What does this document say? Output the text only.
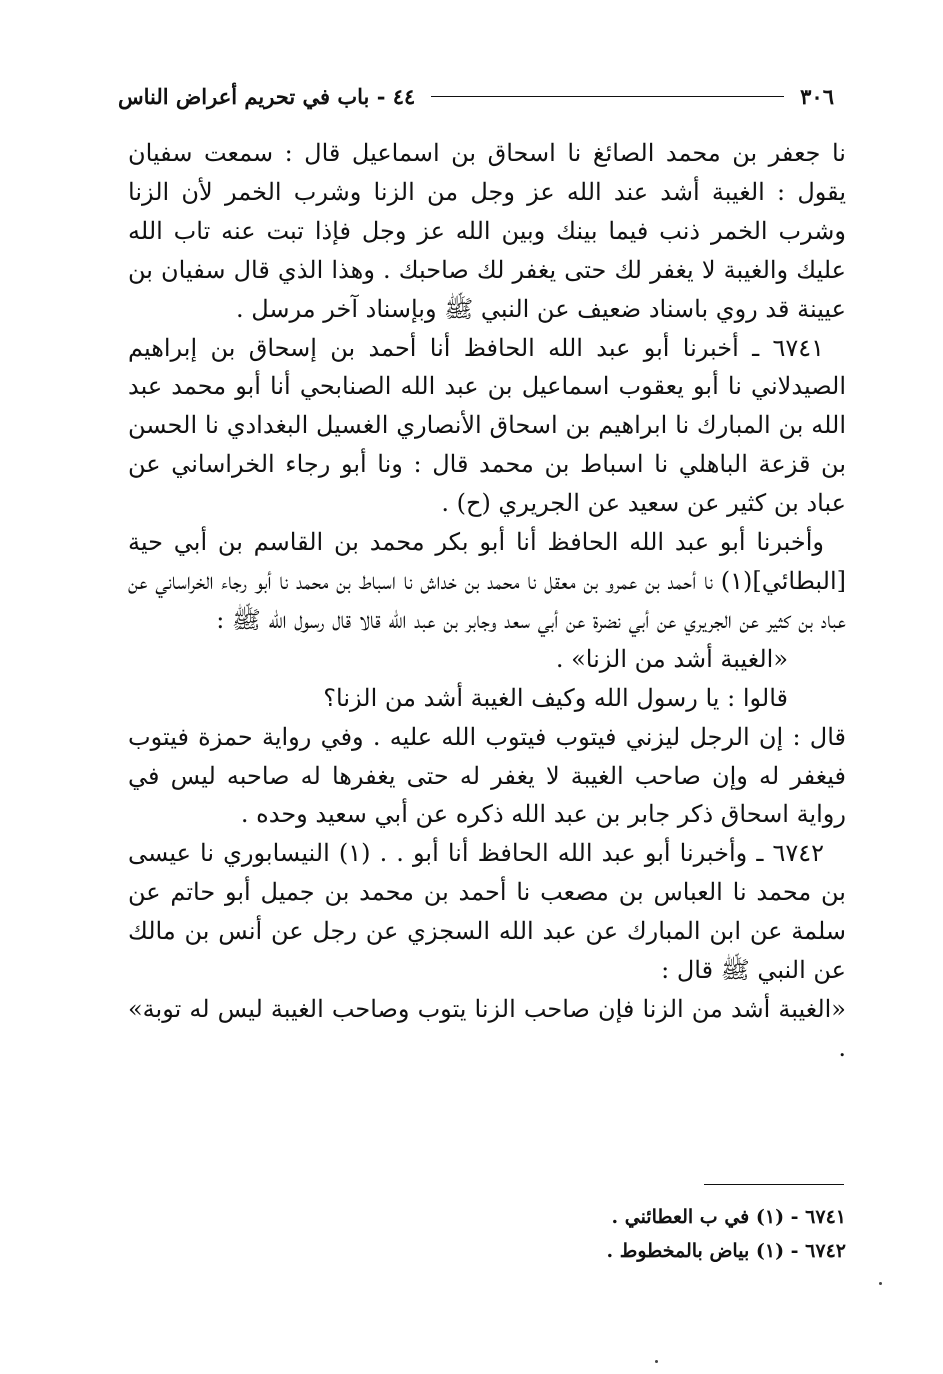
٣٠٦
٤٤ - باب في تحريم أعراض الناس

نا جعفر بن محمد الصائغ نا اسحاق بن اسماعيل قال : سمعت سفيان يقول : الغيبة أشد عند الله عز وجل من الزنا وشرب الخمر لأن الزنا وشرب الخمر ذنب فيما بينك وبين الله عز وجل فإذا تبت عنه تاب الله عليك والغيبة لا يغفر لك حتى يغفر لك صاحبك . وهذا الذي قال سفيان بن عيينة قد روي باسناد ضعيف عن النبي ﷺ وبإسناد آخر مرسل .

٦٧٤١ ـ أخبرنا أبو عبد الله الحافظ أنا أحمد بن إسحاق بن إبراهيم الصيدلاني نا أبو يعقوب اسماعيل بن عبد الله الصنابحي أنا أبو محمد عبد الله بن المبارك نا ابراهيم بن اسحاق الأنصاري الغسيل البغدادي نا الحسن بن قزعة الباهلي نا اسباط بن محمد قال : ونا أبو رجاء الخراساني عن عباد بن كثير عن سعيد عن الجريري (ح) .

وأخبرنا أبو عبد الله الحافظ أنا أبو بكر محمد بن القاسم بن أبي حية [البطائي](١) نا أحمد بن عمرو بن معقل نا محمد بن خداش نا اسباط بن محمد نا أبو رجاء الخراساني عن عباد بن كثير عن الجريري عن أبي نضرة عن أبي سعد وجابر بن عبد الله قالا قال رسول الله ﷺ :

«الغيبة أشد من الزنا» .

قالوا : يا رسول الله وكيف الغيبة أشد من الزنا؟

قال : إن الرجل ليزني فيتوب فيتوب الله عليه . وفي رواية حمزة فيتوب فيغفر له وإن صاحب الغيبة لا يغفر له حتى يغفرها له صاحبه ليس في رواية اسحاق ذكر جابر بن عبد الله ذكره عن أبي سعيد وحده .

٦٧٤٢ ـ وأخبرنا أبو عبد الله الحافظ أنا أبو . . (١) النيسابوري نا عيسى بن محمد نا العباس بن مصعب نا أحمد بن محمد بن جميل أبو حاتم عن سلمة عن ابن المبارك عن عبد الله السجزي عن رجل عن أنس بن مالك عن النبي ﷺ قال :

«الغيبة أشد من الزنا فإن صاحب الزنا يتوب وصاحب الغيبة ليس له توبة» .

٦٧٤١ - (١) في ب العطائني .
٦٧٤٢ - (١) بياض بالمخطوط .
